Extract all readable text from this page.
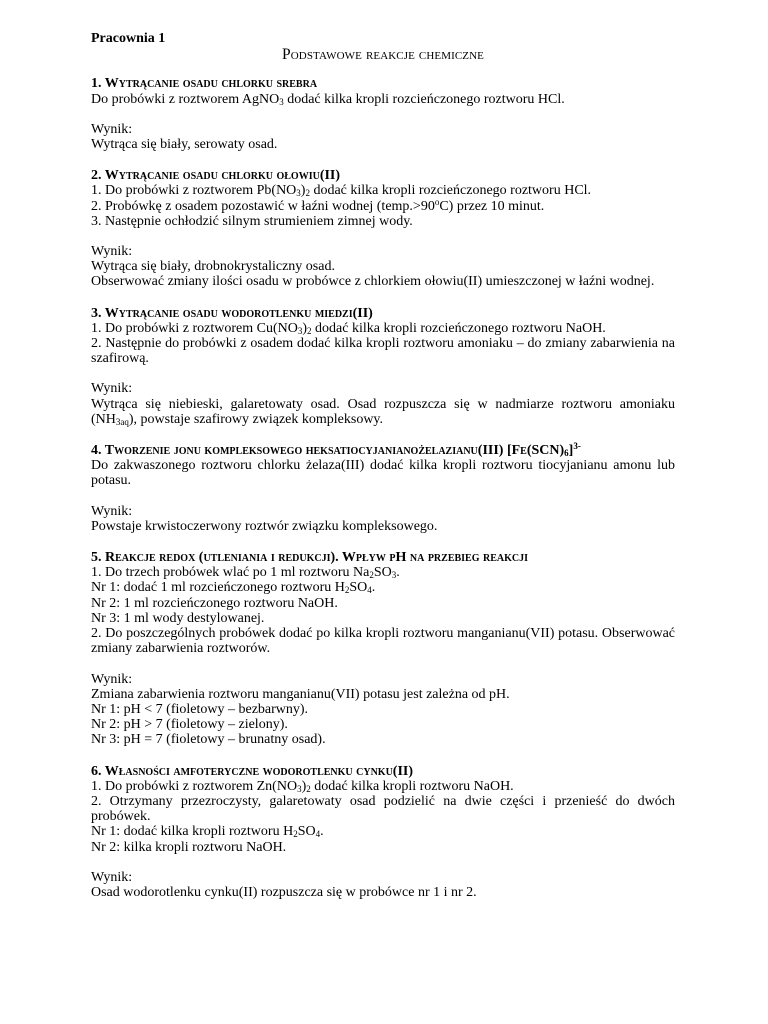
Pracownia 1
Podstawowe reakcje chemiczne
1. Wytrącanie osadu chlorku srebra
Do probówki z roztworem AgNO$_3$ dodać kilka kropli rozcieńczonego roztworu HCl.
Wynik:
Wytrąca się biały, serowaty osad.
2. Wytrącanie osadu chlorku ołowiu(II)
1. Do probówki z roztworem $Pb(NO_3)_2$ dodać kilka kropli rozcieńczonego roztworu HCl.
2. Probówkę z osadem pozostawić w łaźni wodnej $(temp.>90^oC)$ przez 10 minut.
3. Następnie ochłodzić silnym strumieniem zimnej wody.
Wynik:
Wytrąca się biały, drobnokrystaliczny osad.
Obserwować zmiany ilości osadu w probówce z chlorkiem ołowiu(II) umieszczonej w łaźni wodnej.
3. Wytrącanie osadu wodorotlenku miedzi(II)
1. Do probówki z roztworem $Cu(NO_3)_2$ dodać kilka kropli rozcieńczonego roztworu NaOH.
2. Następnie do probówki z osadem dodać kilka kropli roztworu amoniaku – do zmiany zabarwienia na szafirową.
Wynik:
Wytrąca się niebieski, galaretowaty osad. Osad rozpuszcza się w nadmiarze roztworu amoniaku $(NH_{3aq})$, powstaje szafirowy związek kompleksowy.
4. Tworzenie jonu kompleksowego heksatiocyjanianożelazianu(III) $[Fe(SCN)_6]^{3-}$
Do zakwaszonego roztworu chlorku żelaza(III) dodać kilka kropli roztworu tiocyjanianu amonu lub potasu.
Wynik:
Powstaje krwistoczerwony roztwór związku kompleksowego.
5. Reakcje redox (utleniania i redukcji). Wpływ pH na przebieg reakcji
1. Do trzech probówek wlać po 1 ml roztworu $Na_2SO_3$.
Nr 1: dodać 1 ml rozcieńczonego roztworu $H_2SO_4$.
Nr 2: 1 ml rozcieńczonego roztworu NaOH.
Nr 3: 1 ml wody destylowanej.
2. Do poszczególnych probówek dodać po kilka kropli roztworu manganianu(VII) potasu. Obserwować zmiany zabarwienia roztworów.
Wynik:
Zmiana zabarwienia roztworu manganianu(VII) potasu jest zależna od pH.
Nr 1: pH < 7 (fioletowy – bezbarwny).
Nr 2: pH > 7 (fioletowy – zielony).
Nr 3: pH = 7 (fioletowy – brunatny osad).
6. Własności amfoteryczne wodorotlenku cynku(II)
1. Do probówki z roztworem $Zn(NO_3)_2$ dodać kilka kropli roztworu NaOH.
2. Otrzymany przezroczysty, galaretowaty osad podzielić na dwie części i przenieść do dwóch probówek.
Nr 1: dodać kilka kropli roztworu $H_2SO_4$.
Nr 2: kilka kropli roztworu NaOH.
Wynik:
Osad wodorotlenku cynku(II) rozpuszcza się w probówce nr 1 i nr 2.
